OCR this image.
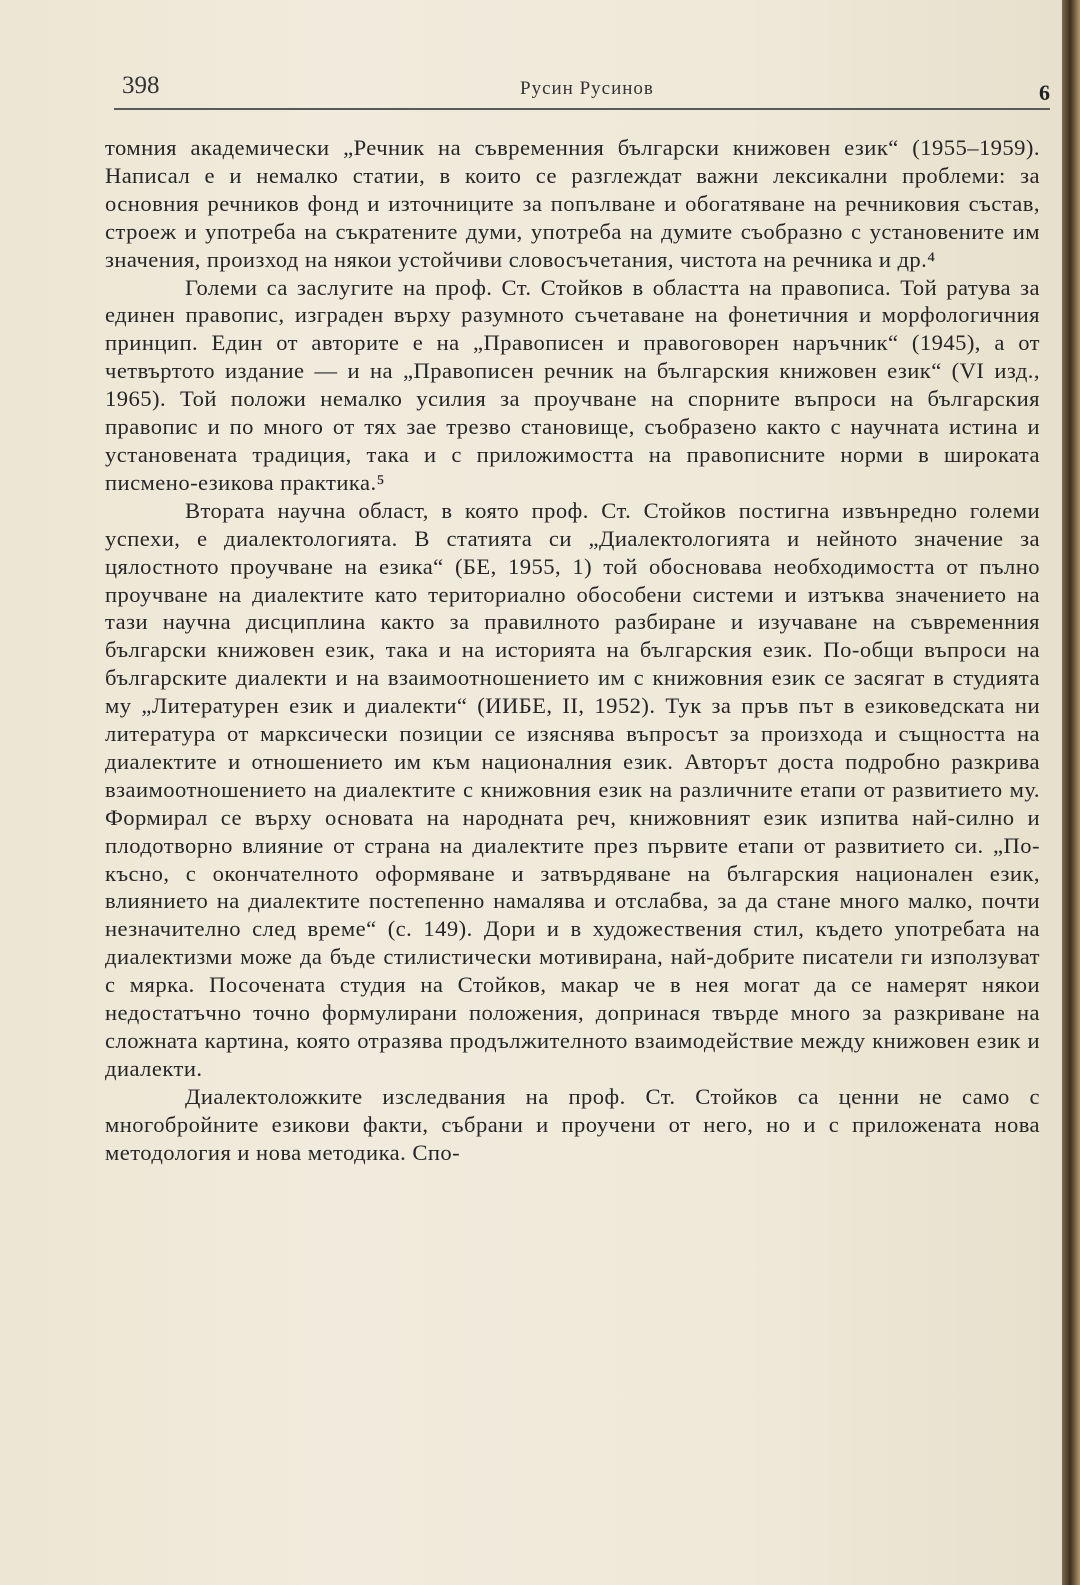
398	Русин Русинов	6

томния академически „Речник на съвременния български книжовен език“ (1955–1959). Написал е и немалко статии, в които се разглеждат важни лексикални проблеми: за основния речников фонд и източниците за попълване и обогатяване на речниковия състав, строеж и употреба на съкратените думи, употреба на думите съобразно с установените им значения, произход на някои устойчиви словосъчетания, чистота на речника и др.⁴

Големи са заслугите на проф. Ст. Стойков в областта на правописа. Той ратува за единен правопис, изграден върху разумното съчетаване на фонетичния и морфологичния принцип. Един от авторите е на „Правописен и правоговорен наръчник“ (1945), а от четвъртото издание — и на „Правописен речник на българския книжовен език“ (VI изд., 1965). Той положи немалко усилия за проучване на спорните въпроси на българския правопис и по много от тях зае трезво становище, съобразено както с научната истина и установената традиция, така и с приложимостта на правописните норми в широката писмено-езикова практика.⁵

Втората научна област, в която проф. Ст. Стойков постигна извънредно големи успехи, е диалектологията. В статията си „Диалектологията и нейното значение за цялостното проучване на езика“ (БЕ, 1955, 1) той обосновава необходимостта от пълно проучване на диалектите като териториално обособени системи и изтъква значението на тази научна дисциплина както за правилното разбиране и изучаване на съвременния български книжовен език, така и на историята на българския език. По-общи въпроси на българските диалекти и на взаимоотношението им с книжовния език се засягат в студията му „Литературен език и диалекти“ (ИИБЕ, II, 1952). Тук за пръв път в езиковедската ни литература от марксически позиции се изяснява въпросът за произхода и същността на диалектите и отношението им към националния език. Авторът доста подробно разкрива взаимоотношението на диалектите с книжовния език на различните етапи от развитието му. Формирал се върху основата на народната реч, книжовният език изпитва най-силно и плодотворно влияние от страна на диалектите през първите етапи от развитието си. „По-късно, с окончателното оформяване и затвърдяване на българския национален език, влиянието на диалектите постепенно намалява и отслабва, за да стане много малко, почти незначително след време“ (с. 149). Дори и в художествения стил, където употребата на диалектизми може да бъде стилистически мотивирана, най-добрите писатели ги използуват с мярка. Посочената студия на Стойков, макар че в нея могат да се намерят някои недостатъчно точно формулирани положения, допринася твърде много за разкриване на сложната картина, която отразява продължителното взаимодействие между книжовен език и диалекти.

Диалектоложките изследвания на проф. Ст. Стойков са ценни не само с многобройните езикови факти, събрани и проучени от него, но и с приложената нова методология и нова методика. Спо-
